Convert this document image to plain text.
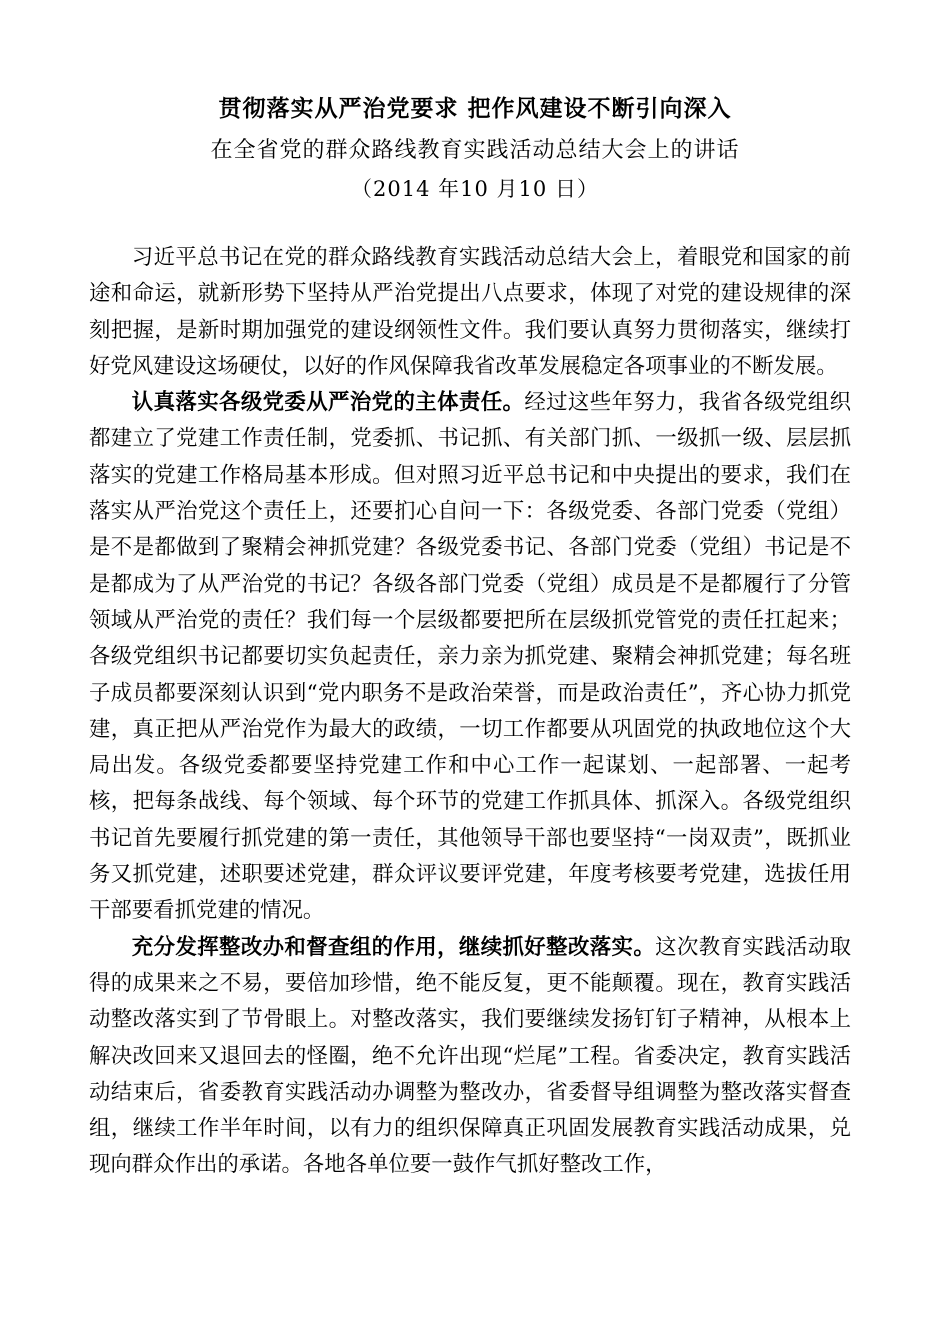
贯彻落实从严治党要求 把作风建设不断引向深入
在全省党的群众路线教育实践活动总结大会上的讲话
（2014 年10 月10 日）

习近平总书记在党的群众路线教育实践活动总结大会上，着眼党和国家的前途和命运，就新形势下坚持从严治党提出八点要求，体现了对党的建设规律的深刻把握，是新时期加强党的建设纲领性文件。我们要认真努力贯彻落实，继续打好党风建设这场硬仗，以好的作风保障我省改革发展稳定各项事业的不断发展。

认真落实各级党委从严治党的主体责任。经过这些年努力，我省各级党组织都建立了党建工作责任制，党委抓、书记抓、有关部门抓、一级抓一级、层层抓落实的党建工作格局基本形成。但对照习近平总书记和中央提出的要求，我们在落实从严治党这个责任上，还要扪心自问一下：各级党委、各部门党委（党组）是不是都做到了聚精会神抓党建？各级党委书记、各部门党委（党组）书记是不是都成为了从严治党的书记？各级各部门党委（党组）成员是不是都履行了分管领域从严治党的责任？我们每一个层级都要把所在层级抓党管党的责任扛起来；各级党组织书记都要切实负起责任，亲力亲为抓党建、聚精会神抓党建；每名班子成员都要深刻认识到“党内职务不是政治荣誉，而是政治责任”，齐心协力抓党建，真正把从严治党作为最大的政绩，一切工作都要从巩固党的执政地位这个大局出发。各级党委都要坚持党建工作和中心工作一起谋划、一起部署、一起考核，把每条战线、每个领域、每个环节的党建工作抓具体、抓深入。各级党组织书记首先要履行抓党建的第一责任，其他领导干部也要坚持“一岗双责”，既抓业务又抓党建，述职要述党建，群众评议要评党建，年度考核要考党建，选拔任用干部要看抓党建的情况。

充分发挥整改办和督查组的作用，继续抓好整改落实。这次教育实践活动取得的成果来之不易，要倍加珍惜，绝不能反复，更不能颠覆。现在，教育实践活动整改落实到了节骨眼上。对整改落实，我们要继续发扬钉钉子精神，从根本上解决改回来又退回去的怪圈，绝不允许出现“烂尾”工程。省委决定，教育实践活动结束后，省委教育实践活动办调整为整改办，省委督导组调整为整改落实督查组，继续工作半年时间，以有力的组织保障真正巩固发展教育实践活动成果，兑现向群众作出的承诺。各地各单位要一鼓作气抓好整改工作，
